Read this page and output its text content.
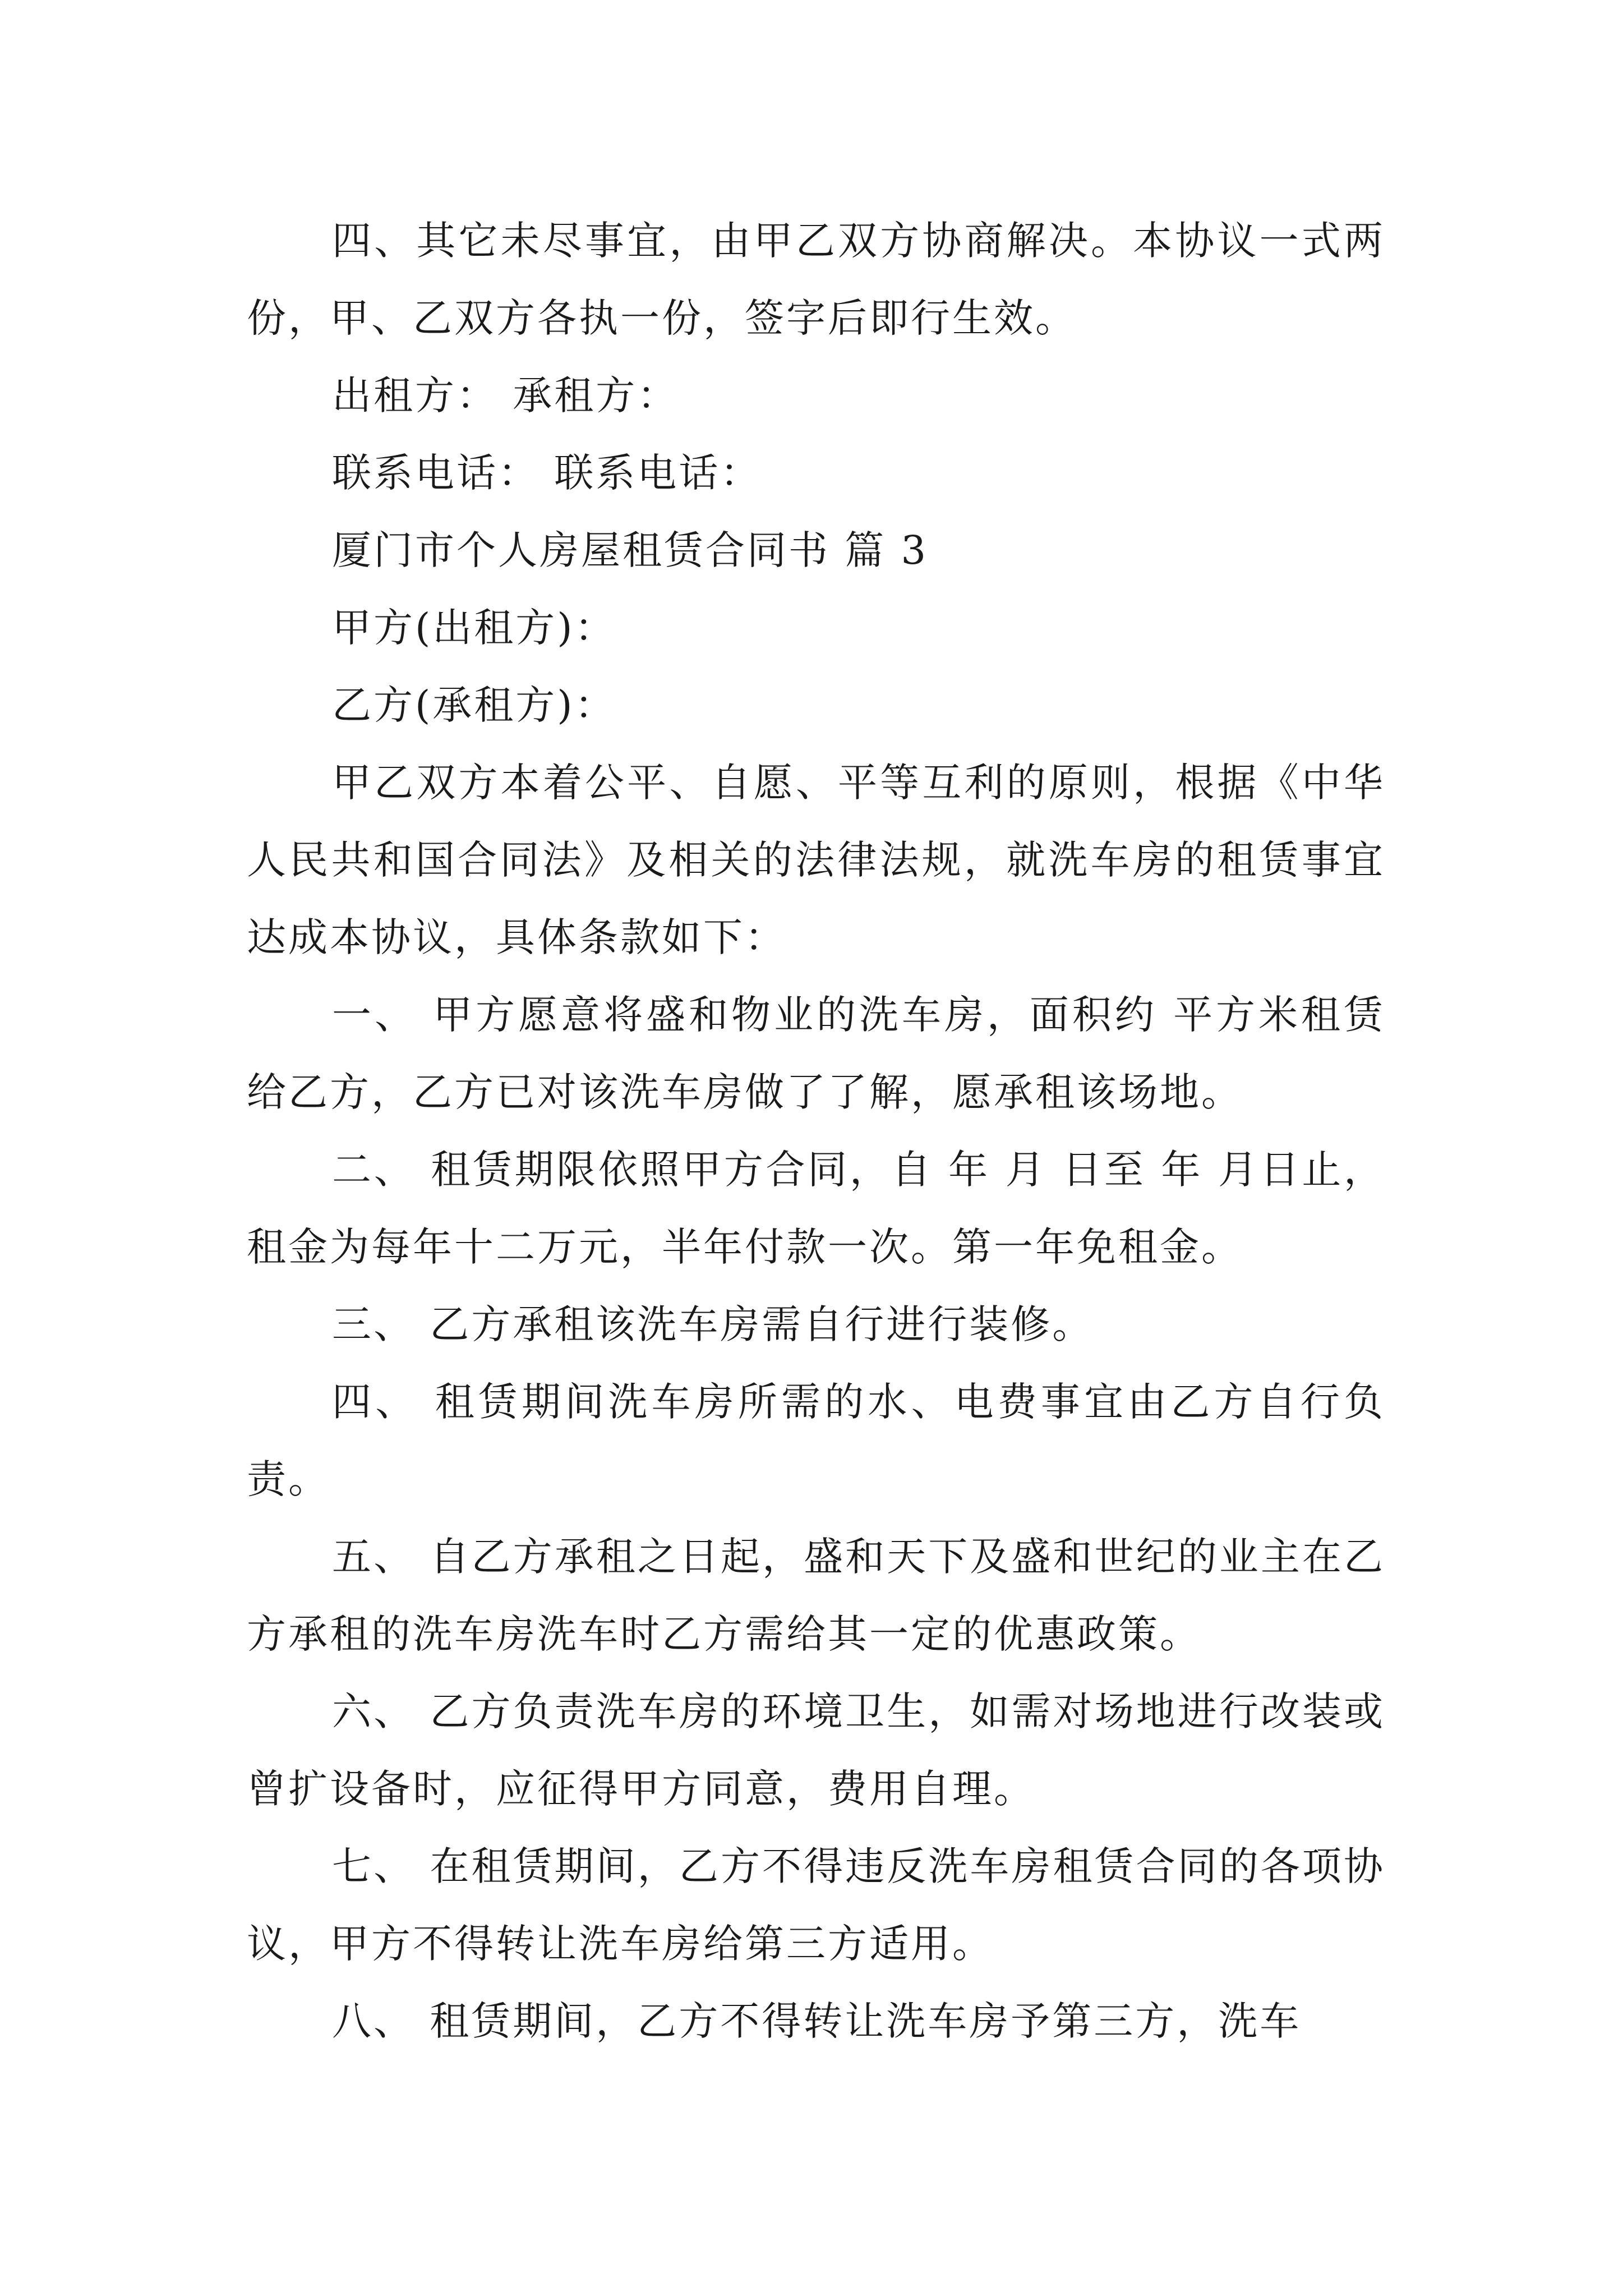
四、其它未尽事宜，由甲乙双方协商解决。本协议一式两份，甲、乙双方各执一份，签字后即行生效。

出租方： 承租方：

联系电话： 联系电话：

厦门市个人房屋租赁合同书 篇 3

甲方(出租方)：

乙方(承租方)：

甲乙双方本着公平、自愿、平等互利的原则，根据《中华人民共和国合同法》及相关的法律法规，就洗车房的租赁事宜达成本协议，具体条款如下：

一、 甲方愿意将盛和物业的洗车房，面积约 平方米租赁给乙方，乙方已对该洗车房做了了解，愿承租该场地。

二、 租赁期限依照甲方合同，自 年 月 日至 年 月日止，租金为每年十二万元，半年付款一次。第一年免租金。

三、 乙方承租该洗车房需自行进行装修。

四、 租赁期间洗车房所需的水、电费事宜由乙方自行负责。

五、 自乙方承租之日起，盛和天下及盛和世纪的业主在乙方承租的洗车房洗车时乙方需给其一定的优惠政策。

六、 乙方负责洗车房的环境卫生，如需对场地进行改装或曾扩设备时，应征得甲方同意，费用自理。

七、 在租赁期间，乙方不得违反洗车房租赁合同的各项协议，甲方不得转让洗车房给第三方适用。

八、 租赁期间，乙方不得转让洗车房予第三方，洗车
